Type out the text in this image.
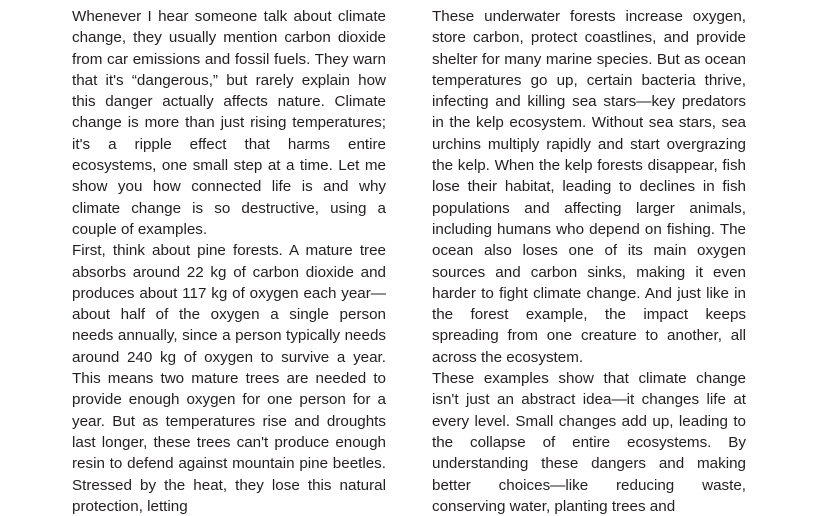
Whenever I hear someone talk about climate change, they usually mention carbon dioxide from car emissions and fossil fuels. They warn that it's “dangerous,” but rarely explain how this danger actually affects nature. Climate change is more than just rising temperatures; it's a ripple effect that harms entire ecosystems, one small step at a time. Let me show you how connected life is and why climate change is so destructive, using a couple of examples.

First, think about pine forests. A mature tree absorbs around 22 kg of carbon dioxide and produces about 117 kg of oxygen each year—about half of the oxygen a single person needs annually, since a person typically needs around 240 kg of oxygen to survive a year. This means two mature trees are needed to provide enough oxygen for one person for a year. But as temperatures rise and droughts last longer, these trees can't produce enough resin to defend against mountain pine beetles. Stressed by the heat, they lose this natural protection, letting

These underwater forests increase oxygen, store carbon, protect coastlines, and provide shelter for many marine species. But as ocean temperatures go up, certain bacteria thrive, infecting and killing sea stars—key predators in the kelp ecosystem. Without sea stars, sea urchins multiply rapidly and start overgrazing the kelp. When the kelp forests disappear, fish lose their habitat, leading to declines in fish populations and affecting larger animals, including humans who depend on fishing. The ocean also loses one of its main oxygen sources and carbon sinks, making it even harder to fight climate change. And just like in the forest example, the impact keeps spreading from one creature to another, all across the ecosystem.

These examples show that climate change isn't just an abstract idea—it changes life at every level. Small changes add up, leading to the collapse of entire ecosystems. By understanding these dangers and making better choices—like reducing waste, conserving water, planting trees and
